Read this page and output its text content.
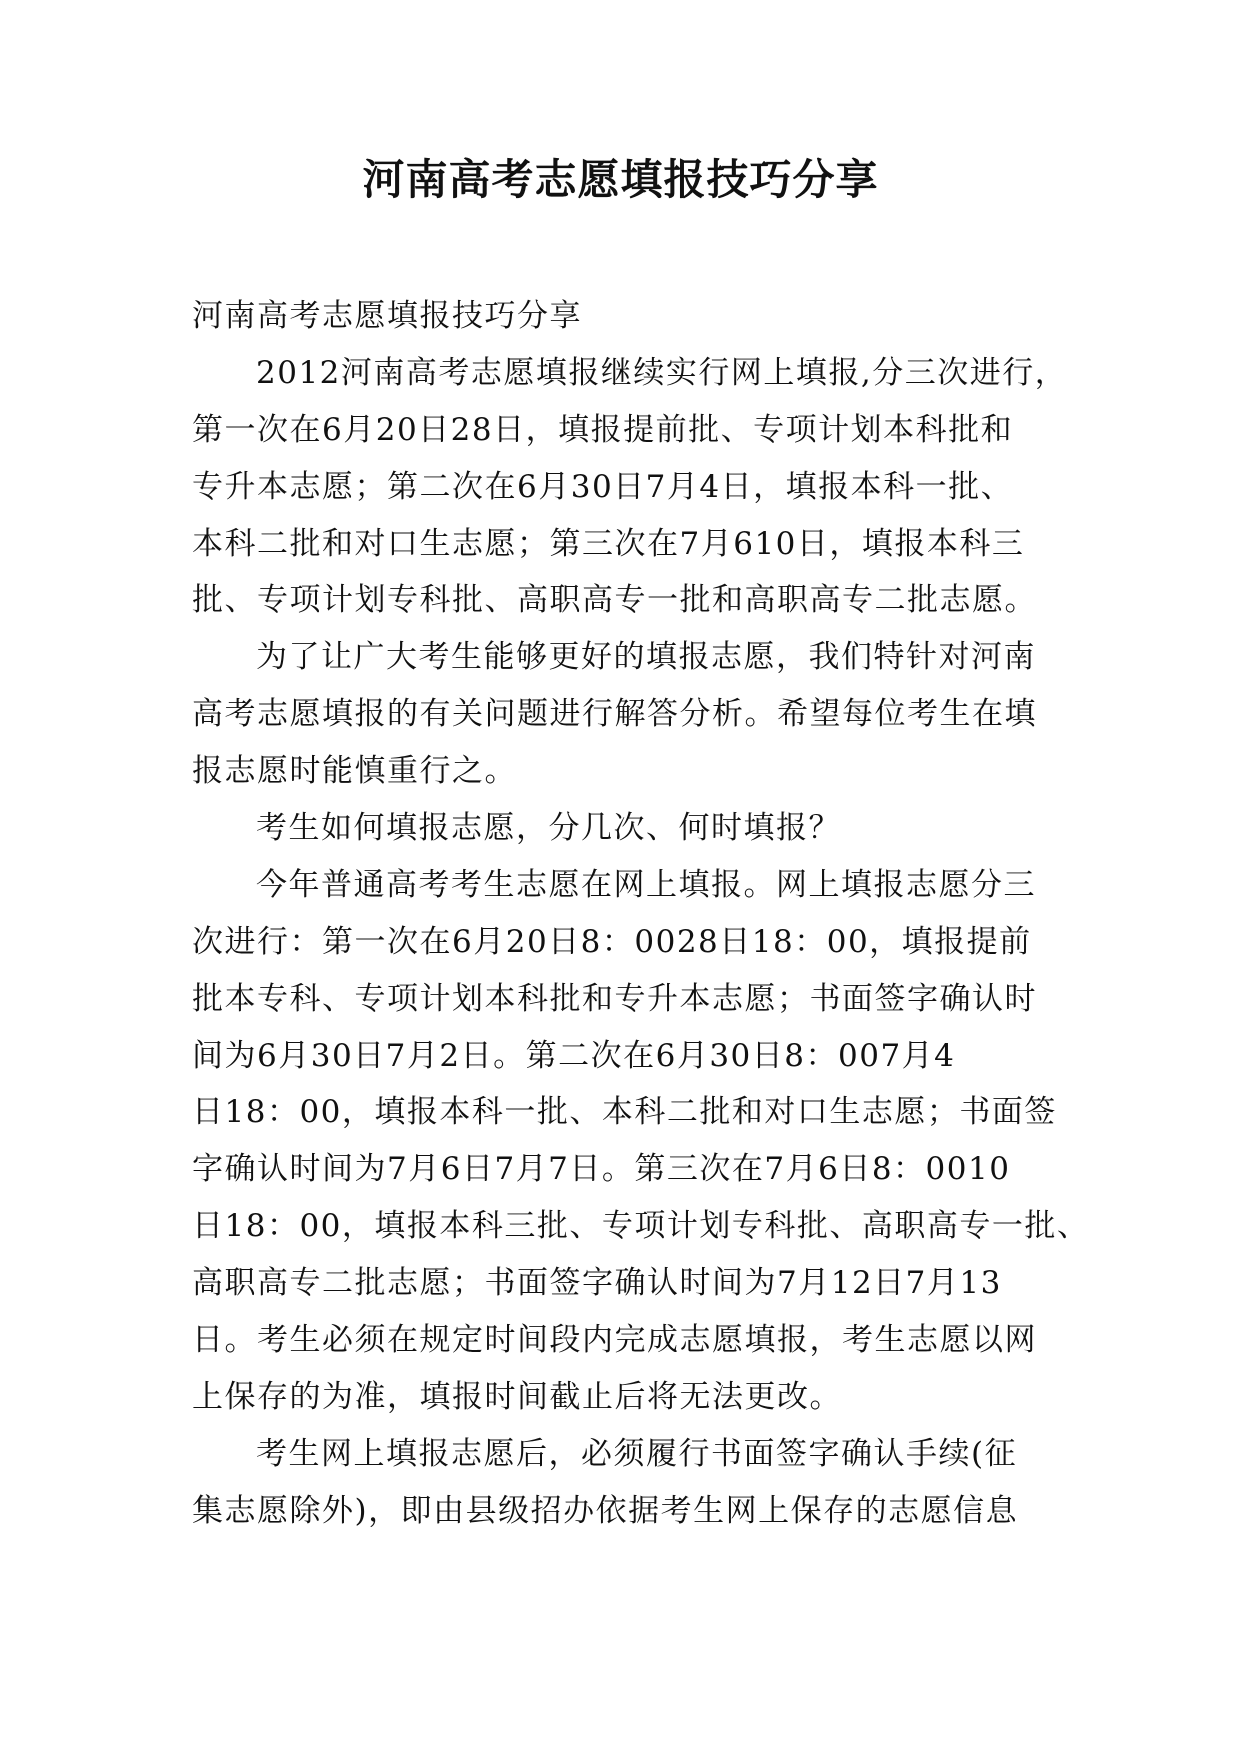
河南高考志愿填报技巧分享
河南高考志愿填报技巧分享
2012河南高考志愿填报继续实行网上填报,分三次进行，
第一次在6月20日28日，填报提前批、专项计划本科批和
专升本志愿；第二次在6月30日7月4日，填报本科一批、
本科二批和对口生志愿；第三次在7月610日，填报本科三
批、专项计划专科批、高职高专一批和高职高专二批志愿。
为了让广大考生能够更好的填报志愿，我们特针对河南
高考志愿填报的有关问题进行解答分析。希望每位考生在填
报志愿时能慎重行之。
考生如何填报志愿，分几次、何时填报？
今年普通高考考生志愿在网上填报。网上填报志愿分三
次进行：第一次在6月20日8：0028日18：00，填报提前
批本专科、专项计划本科批和专升本志愿；书面签字确认时
间为6月30日7月2日。第二次在6月30日8：007月4
日18：00，填报本科一批、本科二批和对口生志愿；书面签
字确认时间为7月6日7月7日。第三次在7月6日8：0010
日18：00，填报本科三批、专项计划专科批、高职高专一批、
高职高专二批志愿；书面签字确认时间为7月12日7月13
日。考生必须在规定时间段内完成志愿填报，考生志愿以网
上保存的为准，填报时间截止后将无法更改。
考生网上填报志愿后，必须履行书面签字确认手续(征
集志愿除外)，即由县级招办依据考生网上保存的志愿信息
